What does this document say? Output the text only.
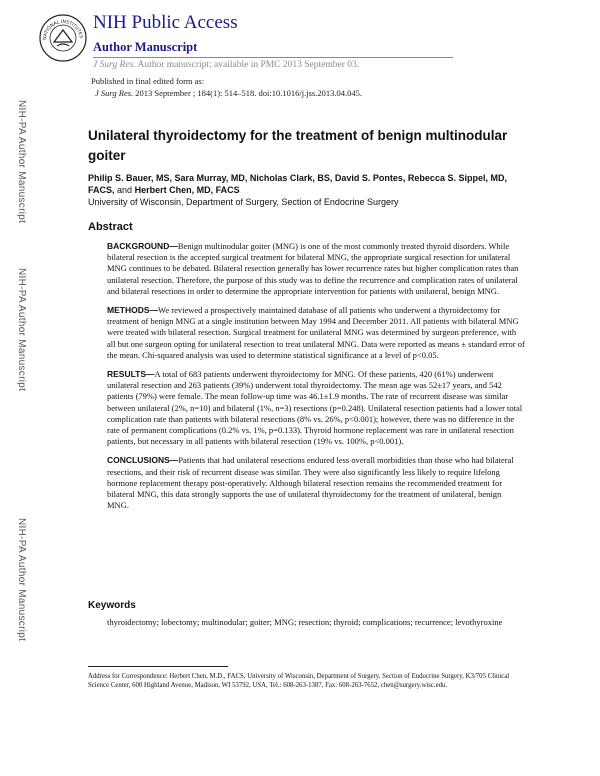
NIH-PA Author Manuscript
NIH-PA Author Manuscript
NIH-PA Author Manuscript
NATIONAL INSTITUTES
NIH Public Access
Author Manuscript
J Surg Res. Author manuscript; available in PMC 2013 September 03.
Published in final edited form as:
J Surg Res. 2013 September ; 184(1): 514–518. doi:10.1016/j.jss.2013.04.045.
Unilateral thyroidectomy for the treatment of benign multinodular goiter
Philip S. Bauer, MS, Sara Murray, MD, Nicholas Clark, BS, David S. Pontes, Rebecca S. Sippel, MD, FACS, and Herbert Chen, MD, FACS
University of Wisconsin, Department of Surgery, Section of Endocrine Surgery
Abstract

BACKGROUND—Benign multinodular goiter (MNG) is one of the most commonly treated thyroid disorders. While bilateral resection is the accepted surgical treatment for bilateral MNG, the appropriate surgical resection for unilateral MNG continues to be debated. Bilateral resection generally has lower recurrence rates but higher complication rates than unilateral resection. Therefore, the purpose of this study was to define the recurrence and complication rates of unilateral and bilateral resections in order to determine the appropriate intervention for patients with unilateral, benign MNG.

METHODS—We reviewed a prospectively maintained database of all patients who underwent a thyroidectomy for treatment of benign MNG at a single institution between May 1994 and December 2011. All patients with bilateral MNG were treated with bilateral resection. Surgical treatment for unilateral MNG was determined by surgeon preference, with all but one surgeon opting for unilateral resection to treat unilateral MNG. Data were reported as means ± standard error of the mean. Chi-squared analysis was used to determine statistical significance at a level of p<0.05.

RESULTS—A total of 683 patients underwent thyroidectomy for MNG. Of these patients, 420 (61%) underwent unilateral resection and 263 patients (39%) underwent total thyroidectomy. The mean age was 52±17 years, and 542 patients (79%) were female. The mean follow-up time was 46.1±1.9 months. The rate of recurrent disease was similar between unilateral (2%, n=10) and bilateral (1%, n=3) resections (p=0.248). Unilateral resection patients had a lower total complication rate than patients with bilateral resections (8% vs. 26%, p<0.001); however, there was no difference in the rate of permanent complications (0.2% vs. 1%, p=0.133). Thyroid hormone replacement was rare in unilateral resection patients, but necessary in all patients with bilateral resection (19% vs. 100%, p<0.001).

CONCLUSIONS—Patients that had unilateral resections endured less overall morbidities than those who had bilateral resections, and their risk of recurrent disease was similar. They were also significantly less likely to require lifelong hormone replacement therapy post-operatively. Although bilateral resection remains the recommended treatment for bilateral MNG, this data strongly supports the use of unilateral thyroidectomy for the treatment of unilateral, benign MNG.

Keywords
thyroidectomy; lobectomy; multinodular; goiter; MNG; resection; thyroid; complications; recurrence; levothyroxine
Address for Correspondence: Herbert Chen, M.D., FACS, University of Wisconsin, Department of Surgery, Section of Endocrine Surgery, K3/705 Clinical Science Center, 600 Highland Avenue, Madison, WI 53792, USA, Tel.: 608-263-1387, Fax: 608-263-7652, chen@surgery.wisc.edu.
